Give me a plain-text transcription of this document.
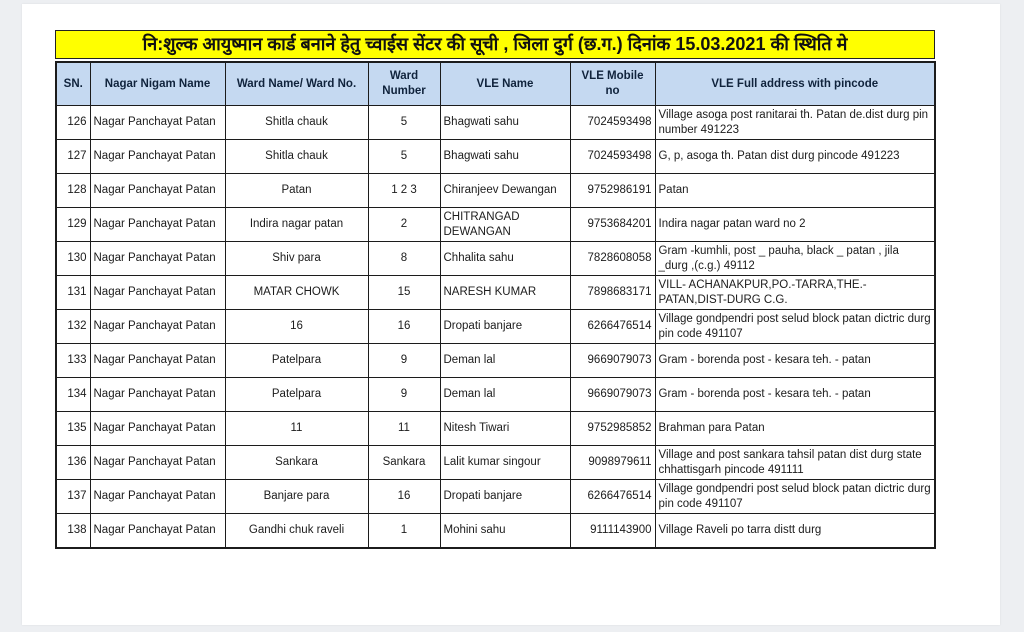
नि:शुल्क आयुष्मान कार्ड बनाने हेतु च्वाईस सेंटर की सूची , जिला दुर्ग (छ.ग.) दिनांक 15.03.2021 की स्थिति मे
SN.	Nagar Nigam Name	Ward Name/ Ward No.	Ward Number	VLE Name	VLE Mobile no	VLE Full address with pincode
126	Nagar Panchayat Patan	Shitla chauk	5	Bhagwati sahu	7024593498	Village asoga post ranitarai th. Patan de.dist durg pin number 491223
127	Nagar Panchayat Patan	Shitla chauk	5	Bhagwati sahu	7024593498	G, p, asoga th. Patan dist durg pincode 491223
128	Nagar Panchayat Patan	Patan	1 2 3	Chiranjeev Dewangan	9752986191	Patan
129	Nagar Panchayat Patan	Indira nagar patan	2	CHITRANGAD DEWANGAN	9753684201	Indira nagar patan ward no 2
130	Nagar Panchayat Patan	Shiv para	8	Chhalita sahu	7828608058	Gram -kumhli, post _ pauha, black _ patan , jila _durg ,(c.g.) 49112
131	Nagar Panchayat Patan	MATAR CHOWK	15	NARESH KUMAR	7898683171	VILL- ACHANAKPUR,PO.-TARRA,THE.-PATAN,DIST-DURG C.G.
132	Nagar Panchayat Patan	16	16	Dropati banjare	6266476514	Village gondpendri post selud block patan dictric durg pin code 491107
133	Nagar Panchayat Patan	Patelpara	9	Deman lal	9669079073	Gram - borenda post - kesara teh. - patan
134	Nagar Panchayat Patan	Patelpara	9	Deman lal	9669079073	Gram - borenda post - kesara teh. - patan
135	Nagar Panchayat Patan	11	11	Nitesh Tiwari	9752985852	Brahman para Patan
136	Nagar Panchayat Patan	Sankara	Sankara	Lalit kumar singour	9098979611	Village and post sankara tahsil patan dist durg state chhattisgarh pincode 491111
137	Nagar Panchayat Patan	Banjare para	16	Dropati banjare	6266476514	Village gondpendri post selud block patan dictric durg pin code 491107
138	Nagar Panchayat Patan	Gandhi chuk raveli	1	Mohini sahu	9111143900	Village Raveli po tarra distt durg
